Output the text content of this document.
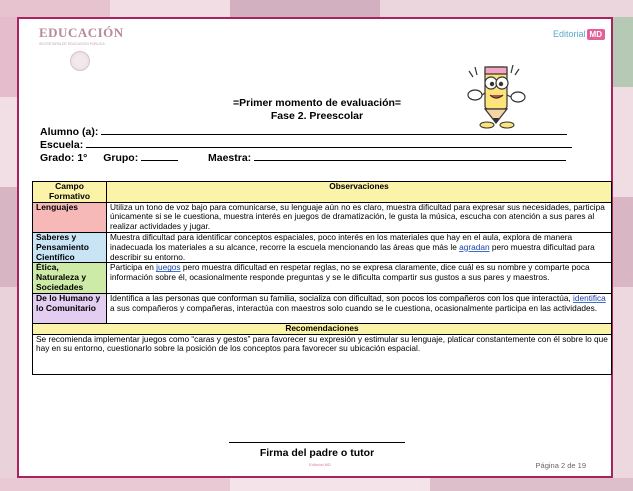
EDUCACIÓN
SECRETARÍA DE EDUCACIÓN PÚBLICA
Editorial MD
=Primer momento de evaluación=
Fase 2. Preescolar
Alumno (a):
Escuela:
Grado: 1° Grupo:	Maestra:
Campo Formativo	Observaciones
Lenguajes	Utiliza un tono de voz bajo para comunicarse, su lenguaje aún no es claro, muestra dificultad para expresar sus necesidades, participa únicamente si se le cuestiona, muestra interés en juegos de dramatización, le gusta la música, escucha con atención a sus pares al realizar actividades y jugar.
Saberes y Pensamiento Científico	Muestra dificultad para identificar conceptos espaciales, poco interés en los materiales que hay en el aula, explora de manera inadecuada los materiales a su alcance, recorre la escuela mencionando las áreas que más le agradan pero muestra dificultad para describir su entorno.
Ética, Naturaleza y Sociedades	Participa en juegos pero muestra dificultad en respetar reglas, no se expresa claramente, dice cuál es su nombre y comparte poca información sobre él, ocasionalmente responde preguntas y se le dificulta compartir sus gustos a sus pares y maestros.
De lo Humano y lo Comunitario	Identifica a las personas que conforman su familia, socializa con dificultad, son pocos los compañeros con los que interactúa, identifica a sus compañeros y compañeras, interactúa con maestros solo cuando se le cuestiona, ocasionalmente participa en las actividades.
Recomendaciones	
Se recomienda implementar juegos como “caras y gestos” para favorecer su expresión y estimular su lenguaje, platicar constantemente con él sobre lo que hay en su entorno, cuestionarlo sobre la posición de los conceptos para favorecer su ubicación espacial.	
Firma del padre o tutor
Editorial MD	Página 2 de 19
